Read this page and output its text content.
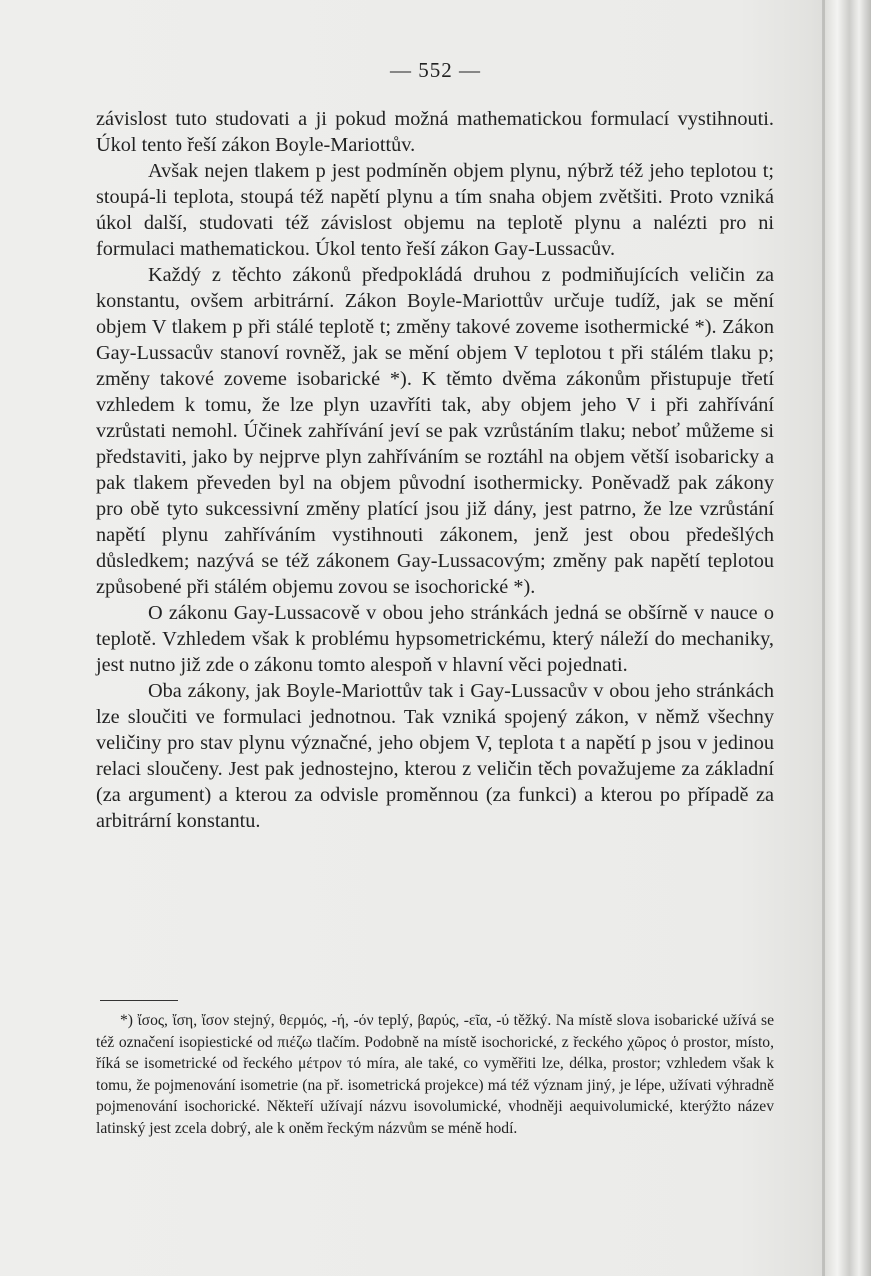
— 552 —

závislost tuto studovati a ji pokud možná mathematickou formulací vystihnouti. Úkol tento řeší zákon Boyle-Mariottův.

Avšak nejen tlakem p jest podmíněn objem plynu, nýbrž též jeho teplotou t; stoupá-li teplota, stoupá též napětí plynu a tím snaha objem zvětšiti. Proto vzniká úkol další, studovati též závislost objemu na teplotě plynu a nalézti pro ni formulaci mathematickou. Úkol tento řeší zákon Gay-Lussacův.

Každý z těchto zákonů předpokládá druhou z podmiňujících veličin za konstantu, ovšem arbitrární. Zákon Boyle-Mariottův určuje tudíž, jak se mění objem V tlakem p při stálé teplotě t; změny takové zoveme isothermické *). Zákon Gay-Lussacův stanoví rovněž, jak se mění objem V teplotou t při stálém tlaku p; změny takové zoveme isobarické *). K těmto dvěma zákonům přistupuje třetí vzhledem k tomu, že lze plyn uzavříti tak, aby objem jeho V i při zahřívání vzrůstati nemohl. Účinek zahřívání jeví se pak vzrůstáním tlaku; neboť můžeme si představiti, jako by nejprve plyn zahříváním se roztáhl na objem větší isobaricky a pak tlakem převeden byl na objem původní isothermicky. Poněvadž pak zákony pro obě tyto sukcessivní změny platící jsou již dány, jest patrno, že lze vzrůstání napětí plynu zahříváním vystihnouti zákonem, jenž jest obou předešlých důsledkem; nazývá se též zákonem Gay-Lussacovým; změny pak napětí teplotou způsobené při stálém objemu zovou se isochorické *).

O zákonu Gay-Lussacově v obou jeho stránkách jedná se obšírně v nauce o teplotě. Vzhledem však k problému hypsometrickému, který náleží do mechaniky, jest nutno již zde o zákonu tomto alespoň v hlavní věci pojednati.

Oba zákony, jak Boyle-Mariottův tak i Gay-Lussacův v obou jeho stránkách lze sloučiti ve formulaci jednotnou. Tak vzniká spojený zákon, v němž všechny veličiny pro stav plynu význačné, jeho objem V, teplota t a napětí p jsou v jedinou relaci sloučeny. Jest pak jednostejno, kterou z veličin těch považujeme za základní (za argument) a kterou za odvisle proměnnou (za funkci) a kterou po případě za arbitrární konstantu.

*) ἴσος, ἴση, ἴσον stejný, θερμός, -ή, -όν teplý, βαρύς, -εῖα, -ύ těžký. Na místě slova isobarické užívá se též označení isopiestické od πιέζω tlačím. Podobně na místě isochorické, z řeckého χῶρος ὁ prostor, místo, říká se isometrické od řeckého μέτρον τό míra, ale také, co vyměřiti lze, délka, prostor; vzhledem však k tomu, že pojmenování isometrie (na př. isometrická projekce) má též význam jiný, je lépe, užívati výhradně pojmenování isochorické. Někteří užívají názvu isovolumické, vhodněji aequivolumické, kterýžto název latinský jest zcela dobrý, ale k oněm řeckým názvům se méně hodí.
